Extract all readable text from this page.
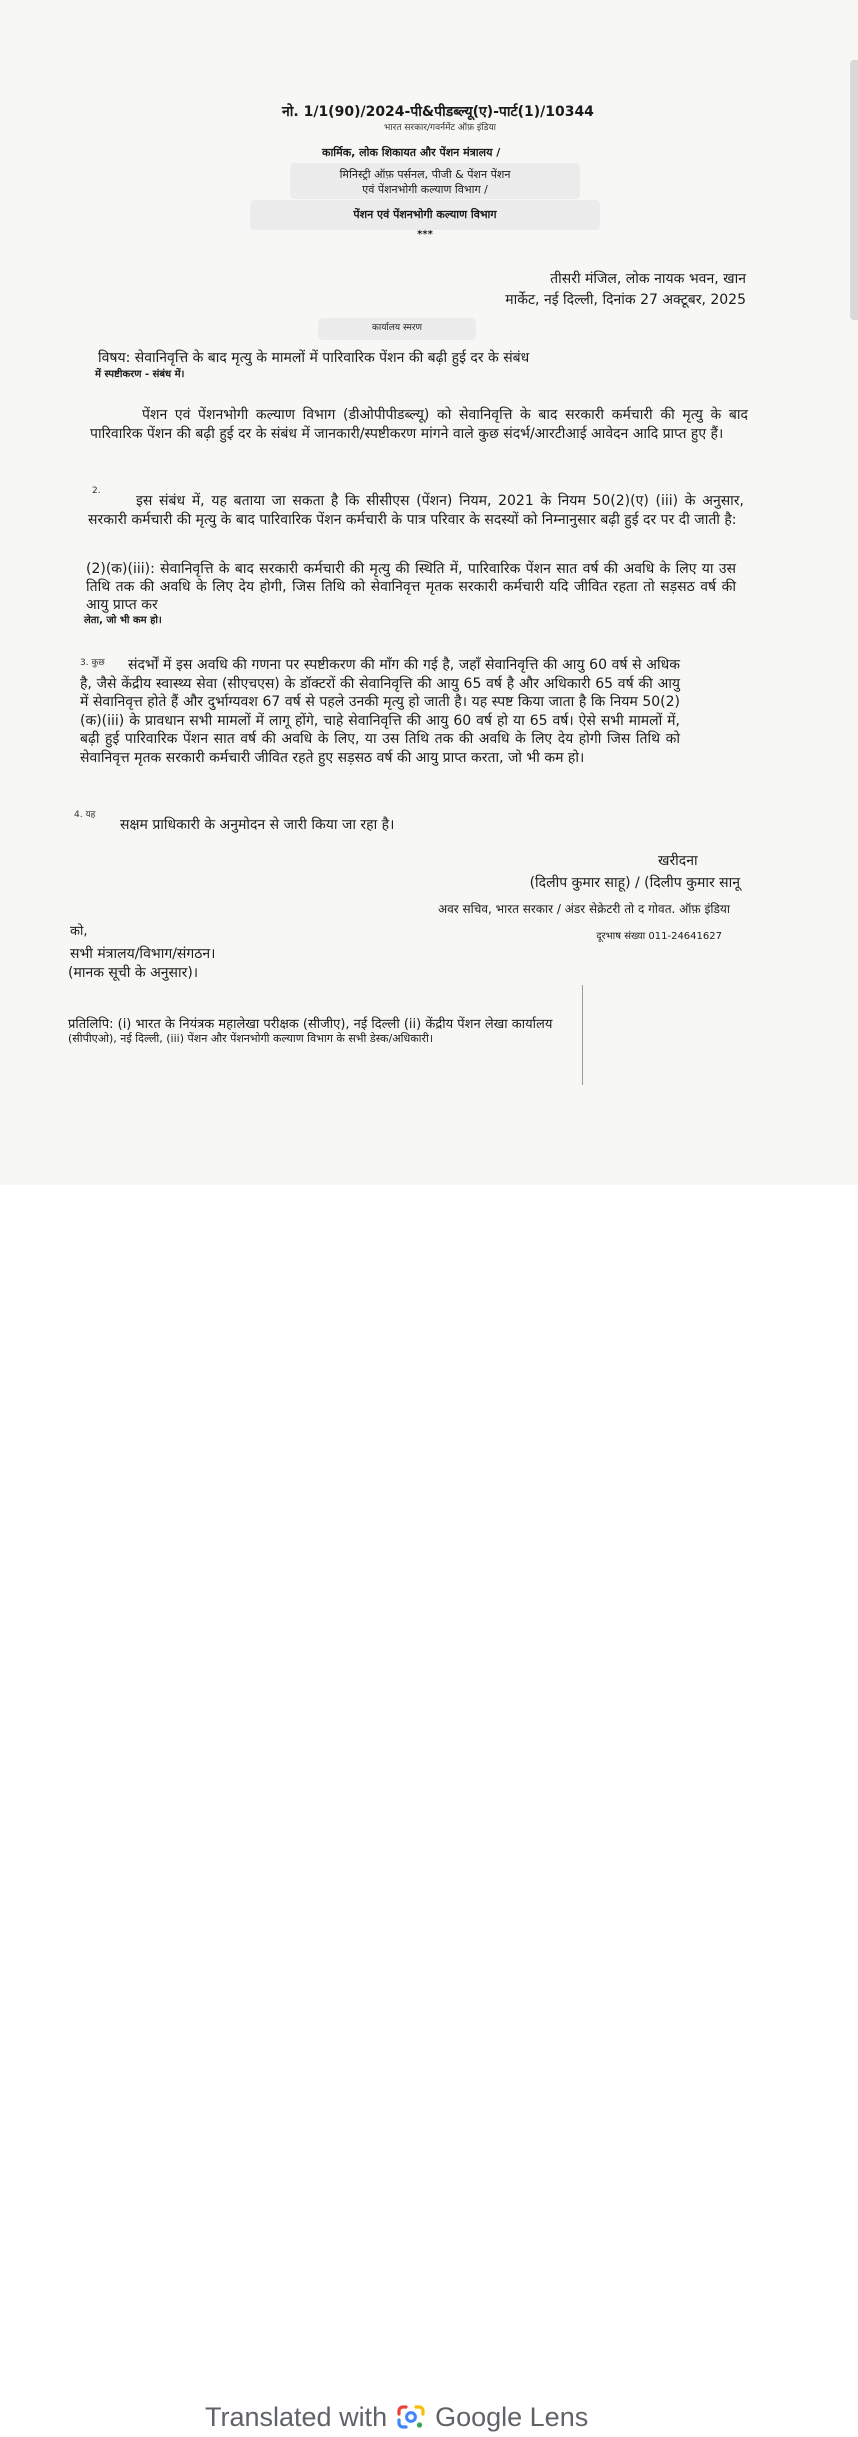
नो. 1/1(90)/2024-पी&पीडब्ल्यू(ए)-पार्ट(1)/10344
भारत सरकार/गवर्नमेंट ऑफ़ इंडिया
कार्मिक, लोक शिकायत और पेंशन मंत्रालय /
मिनिस्ट्री ऑफ़ पर्सनल, पीजी & पेंशन पेंशन
एवं पेंशनभोगी कल्याण विभाग /
पेंशन एवं पेंशनभोगी कल्याण विभाग
***
तीसरी मंजिल, लोक नायक भवन, खान
मार्केट, नई दिल्ली, दिनांक 27 अक्टूबर, 2025
कार्यालय स्मरण
विषय: सेवानिवृत्ति के बाद मृत्यु के मामलों में पारिवारिक पेंशन की बढ़ी हुई दर के संबंध
में स्पष्टीकरण - संबंध में।
पेंशन एवं पेंशनभोगी कल्याण विभाग (डीओपीपीडब्ल्यू) को सेवानिवृत्ति के बाद सरकारी कर्मचारी की मृत्यु के बाद पारिवारिक पेंशन की बढ़ी हुई दर के संबंध में जानकारी/स्पष्टीकरण मांगने वाले कुछ संदर्भ/आरटीआई आवेदन आदि प्राप्त हुए हैं।
2.
इस संबंध में, यह बताया जा सकता है कि सीसीएस (पेंशन) नियम, 2021 के नियम 50(2)(ए) (iii) के अनुसार, सरकारी कर्मचारी की मृत्यु के बाद पारिवारिक पेंशन कर्मचारी के पात्र परिवार के सदस्यों को निम्नानुसार बढ़ी हुई दर पर दी जाती है:
(2)(क)(iii): सेवानिवृत्ति के बाद सरकारी कर्मचारी की मृत्यु की स्थिति में, पारिवारिक पेंशन सात वर्ष की अवधि के लिए या उस तिथि तक की अवधि के लिए देय होगी, जिस तिथि को सेवानिवृत्त मृतक सरकारी कर्मचारी यदि जीवित रहता तो सड़सठ वर्ष की आयु प्राप्त कर
लेता, जो भी कम हो।
3. कुछ	संदर्भों में इस अवधि की गणना पर स्पष्टीकरण की माँग की गई है, जहाँ सेवानिवृत्ति की आयु 60 वर्ष से अधिक है, जैसे केंद्रीय स्वास्थ्य सेवा (सीएचएस) के डॉक्टरों की सेवानिवृत्ति की आयु 65 वर्ष है और अधिकारी 65 वर्ष की आयु में सेवानिवृत्त होते हैं और दुर्भाग्यवश 67 वर्ष से पहले उनकी मृत्यु हो जाती है। यह स्पष्ट किया जाता है कि नियम 50(2)(क)(iii) के प्रावधान सभी मामलों में लागू होंगे, चाहे सेवानिवृत्ति की आयु 60 वर्ष हो या 65 वर्ष। ऐसे सभी मामलों में, बढ़ी हुई पारिवारिक पेंशन सात वर्ष की अवधि के लिए, या उस तिथि तक की अवधि के लिए देय होगी जिस तिथि को सेवानिवृत्त मृतक सरकारी कर्मचारी जीवित रहते हुए सड़सठ वर्ष की आयु प्राप्त करता, जो भी कम हो।
4. यह
सक्षम प्राधिकारी के अनुमोदन से जारी किया जा रहा है।
खरीदना
(दिलीप कुमार साहू) / (दिलीप कुमार सानू
अवर सचिव, भारत सरकार / अंडर सेक्रेटरी तो द गोवत. ऑफ़ इंडिया
दूरभाष संख्या 011-24641627
को,
सभी मंत्रालय/विभाग/संगठन।
(मानक सूची के अनुसार)।
प्रतिलिपि: (i) भारत के नियंत्रक महालेखा परीक्षक (सीजीए), नई दिल्ली (ii) केंद्रीय पेंशन लेखा कार्यालय
(सीपीएओ), नई दिल्ली, (iii) पेंशन और पेंशनभोगी कल्याण विभाग के सभी डेस्क/अधिकारी।
Translated with Google Lens
